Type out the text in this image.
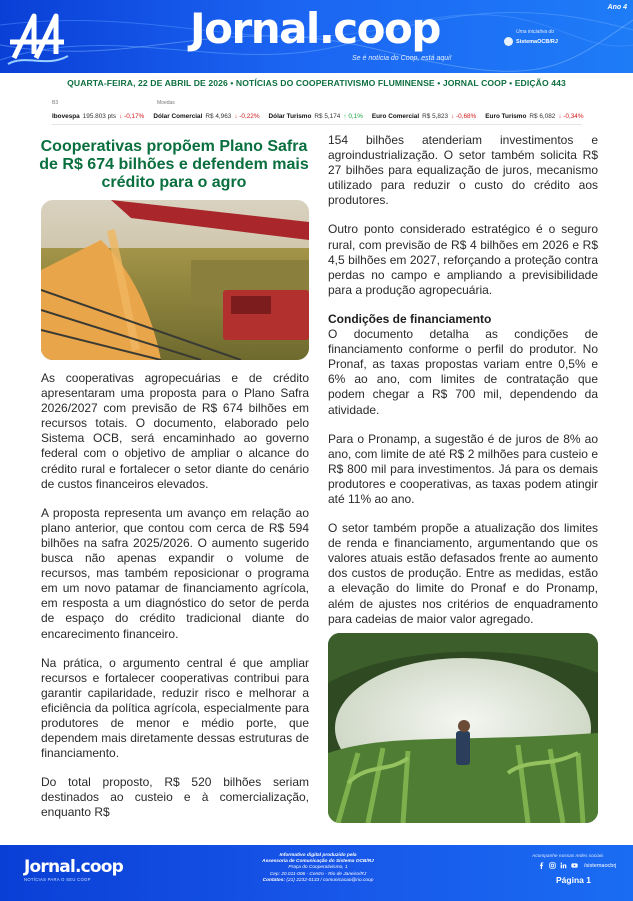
Jornal.coop
Se é notícia do Coop, está aqui!
Ano 4
Uma iniciativa do
SistemaOCB/RJ
QUARTA-FEIRA, 22 DE ABRIL DE 2026 • NOTÍCIAS DO COOPERATIVISMO FLUMINENSE • JORNAL COOP • EDIÇÃO 443
B3	Moedas
Ibovespa 195.803 pts ↓ -0,17% Dólar Comercial R$ 4,963 ↓ -0,22% Dólar Turismo R$ 5,174 ↑ 0,1% Euro Comercial R$ 5,823 ↓ -0,68% Euro Turismo R$ 6,082 ↓ -0,34%
Cooperativas propõem Plano Safra de R$ 674 bilhões e defendem mais crédito para o agro

As cooperativas agropecuárias e de crédito apresentaram uma proposta para o Plano Safra 2026/2027 com previsão de R$ 674 bilhões em recursos totais. O documento, elaborado pelo Sistema OCB, será encaminhado ao governo federal com o objetivo de ampliar o alcance do crédito rural e fortalecer o setor diante do cenário de custos financeiros elevados.

A proposta representa um avanço em relação ao plano anterior, que contou com cerca de R$ 594 bilhões na safra 2025/2026. O aumento sugerido busca não apenas expandir o volume de recursos, mas também reposicionar o programa em um novo patamar de financiamento agrícola, em resposta a um diagnóstico do setor de perda de espaço do crédito tradicional diante do encarecimento financeiro.

Na prática, o argumento central é que ampliar recursos e fortalecer cooperativas contribui para garantir capilaridade, reduzir risco e melhorar a eficiência da política agrícola, especialmente para produtores de menor e médio porte, que dependem mais diretamente dessas estruturas de financiamento.

Do total proposto, R$ 520 bilhões seriam destinados ao custeio e à comercialização, enquanto R$

154 bilhões atenderiam investimentos e agroindustrialização. O setor também solicita R$ 27 bilhões para equalização de juros, mecanismo utilizado para reduzir o custo do crédito aos produtores.

Outro ponto considerado estratégico é o seguro rural, com previsão de R$ 4 bilhões em 2026 e R$ 4,5 bilhões em 2027, reforçando a proteção contra perdas no campo e ampliando a previsibilidade para a produção agropecuária.

Condições de financiamento

O documento detalha as condições de financiamento conforme o perfil do produtor. No Pronaf, as taxas propostas variam entre 0,5% e 6% ao ano, com limites de contratação que podem chegar a R$ 700 mil, dependendo da atividade.

Para o Pronamp, a sugestão é de juros de 8% ao ano, com limite de até R$ 2 milhões para custeio e R$ 800 mil para investimentos. Já para os demais produtores e cooperativas, as taxas podem atingir até 11% ao ano.

O setor também propõe a atualização dos limites de renda e financiamento, argumentando que os valores atuais estão defasados frente ao aumento dos custos de produção. Entre as medidas, estão a elevação do limite do Pronaf e do Pronamp, além de ajustes nos critérios de enquadramento para cadeias de maior valor agregado.

Jornal.coop
NOTÍCIAS PARA O SEU COOP
Informativo digital produzido pela
Assessoria de Comunicação do Sistema OCB/RJ
Praça do Cooperativismo, 1
Cep: 20.011-006 - Centro - Rio de Janeiro/RJ
Contatos: (21) 2232-0133 / comunicacao@rio.coop
Acompanhe nossas redes sociais
/sistemaocbrj
Página 1
